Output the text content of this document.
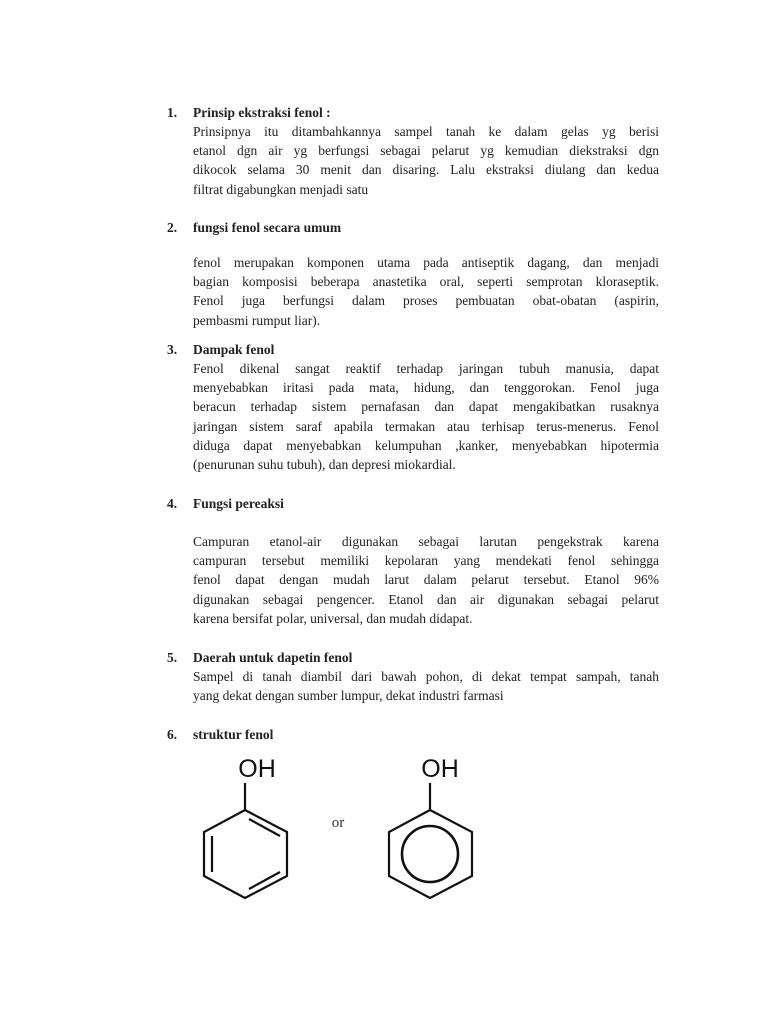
1. Prinsip ekstraksi fenol :
Prinsipnya itu ditambahkannya sampel tanah ke dalam gelas yg berisi
etanol dgn air yg berfungsi sebagai pelarut yg kemudian diekstraksi dgn
dikocok selama 30 menit dan disaring. Lalu ekstraksi diulang dan kedua
filtrat digabungkan menjadi satu
2. fungsi fenol secara umum
fenol merupakan komponen utama pada antiseptik dagang, dan menjadi
bagian komposisi beberapa anastetika oral, seperti semprotan kloraseptik.
Fenol juga berfungsi dalam proses pembuatan obat-obatan (aspirin,
pembasmi rumput liar).
3. Dampak fenol
Fenol dikenal sangat reaktif terhadap jaringan tubuh manusia, dapat
menyebabkan iritasi pada mata, hidung, dan tenggorokan. Fenol juga
beracun terhadap sistem pernafasan dan dapat mengakibatkan rusaknya
jaringan sistem saraf apabila termakan atau terhisap terus-menerus. Fenol
diduga dapat menyebabkan kelumpuhan ,kanker, menyebabkan hipotermia
(penurunan suhu tubuh), dan depresi miokardial.
4. Fungsi pereaksi
Campuran etanol-air digunakan sebagai larutan pengekstrak karena
campuran tersebut memiliki kepolaran yang mendekati fenol sehingga
fenol dapat dengan mudah larut dalam pelarut tersebut. Etanol 96%
digunakan sebagai pengencer. Etanol dan air digunakan sebagai pelarut
karena bersifat polar, universal, dan mudah didapat.
5. Daerah untuk dapetin fenol
Sampel di tanah diambil dari bawah pohon, di dekat tempat sampah, tanah
yang dekat dengan sumber lumpur, dekat industri farmasi
6. struktur fenol
OH
or
OH
